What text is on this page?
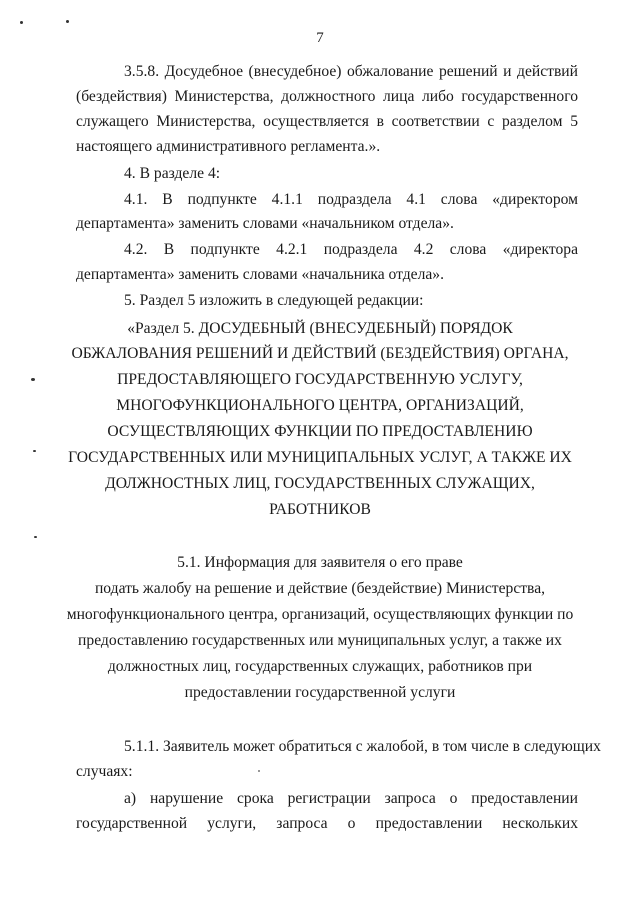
7
3.5.8. Досудебное (внесудебное) обжалование решений и действий
(бездействия) Министерства, должностного лица либо государственного
служащего Министерства, осуществляется в соответствии с разделом 5
настоящего административного регламента.».
4. В разделе 4:
4.1. В подпункте 4.1.1 подраздела 4.1 слова «директором
департамента» заменить словами «начальником отдела».
4.2. В подпункте 4.2.1 подраздела 4.2 слова «директора
департамента» заменить словами «начальника отдела».
5. Раздел 5 изложить в следующей редакции:
«Раздел 5. ДОСУДЕБНЫЙ (ВНЕСУДЕБНЫЙ) ПОРЯДОК
ОБЖАЛОВАНИЯ РЕШЕНИЙ И ДЕЙСТВИЙ (БЕЗДЕЙСТВИЯ) ОРГАНА,
ПРЕДОСТАВЛЯЮЩЕГО ГОСУДАРСТВЕННУЮ УСЛУГУ,
МНОГОФУНКЦИОНАЛЬНОГО ЦЕНТРА, ОРГАНИЗАЦИЙ,
ОСУЩЕСТВЛЯЮЩИХ ФУНКЦИИ ПО ПРЕДОСТАВЛЕНИЮ
ГОСУДАРСТВЕННЫХ ИЛИ МУНИЦИПАЛЬНЫХ УСЛУГ, А ТАКЖЕ ИХ
ДОЛЖНОСТНЫХ ЛИЦ, ГОСУДАРСТВЕННЫХ СЛУЖАЩИХ,
РАБОТНИКОВ
5.1. Информация для заявителя о его праве
подать жалобу на решение и действие (бездействие) Министерства,
многофункционального центра, организаций, осуществляющих функции по
предоставлению государственных или муниципальных услуг, а также их
должностных лиц, государственных служащих, работников при
предоставлении государственной услуги
5.1.1. Заявитель может обратиться с жалобой, в том числе в следующих
случаях:
а) нарушение срока регистрации запроса о предоставлении
государственной услуги, запроса о предоставлении нескольких
